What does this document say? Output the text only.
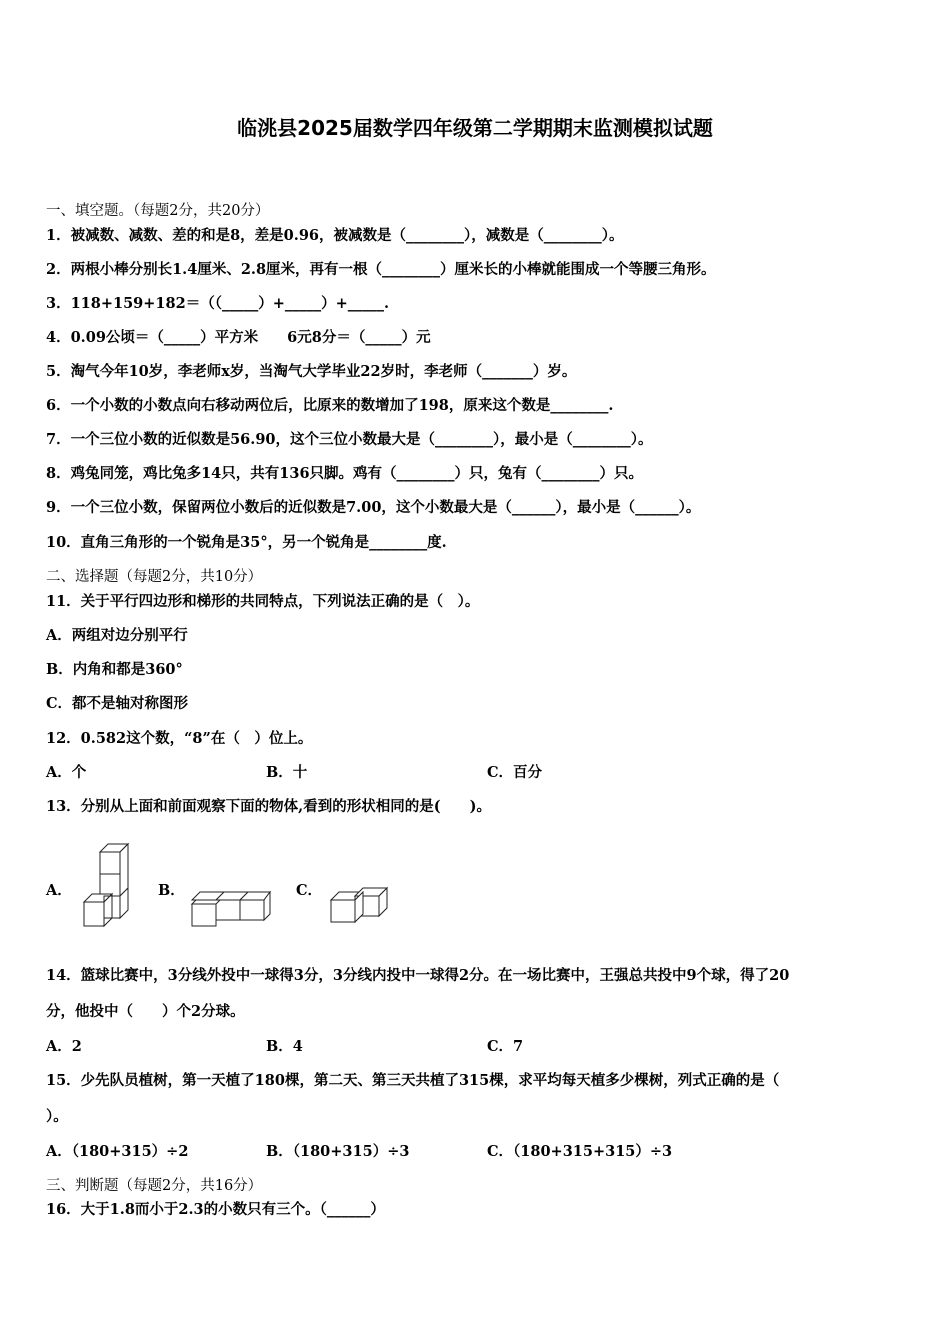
临洮县2025届数学四年级第二学期期末监测模拟试题
一、填空题。（每题2分，共20分）
1．被减数、减数、差的和是8，差是0.96，被减数是（________），减数是（________）。
2．两根小棒分别长1.4厘米、2.8厘米，再有一根（________）厘米长的小棒就能围成一个等腰三角形。
3．118+159+182＝（（_____）+_____）+_____.
4．0.09公顷＝（_____）平方米　　6元8分＝（_____）元
5．淘气今年10岁，李老师x岁，当淘气大学毕业22岁时，李老师（_______）岁。
6．一个小数的小数点向右移动两位后，比原来的数增加了198，原来这个数是________.
7．一个三位小数的近似数是56.90，这个三位小数最大是（________），最小是（________）。
8．鸡兔同笼，鸡比兔多14只，共有136只脚。鸡有（________）只，兔有（________）只。
9．一个三位小数，保留两位小数后的近似数是7.00，这个小数最大是（______），最小是（______）。
10．直角三角形的一个锐角是35°，另一个锐角是________度.
二、选择题（每题2分，共10分）
11．关于平行四边形和梯形的共同特点，下列说法正确的是（　）。
A．两组对边分别平行
B．内角和都是360°
C．都不是轴对称图形
12．0.582这个数，“8”在（　）位上。
A．个	B．十	C．百分
13．分别从上面和前面观察下面的物体,看到的形状相同的是(　　)。
A．	B．	C．
14．篮球比赛中，3分线外投中一球得3分，3分线内投中一球得2分。在一场比赛中，王强总共投中9个球，得了20
分，他投中（　　）个2分球。
A．2	B．4	C．7
15．少先队员植树，第一天植了180棵，第二天、第三天共植了315棵，求平均每天植多少棵树，列式正确的是（
）。
A．（180+315）÷2	B．（180+315）÷3	C．（180+315+315）÷3
三、判断题（每题2分，共16分）
16．大于1.8而小于2.3的小数只有三个。（______）
